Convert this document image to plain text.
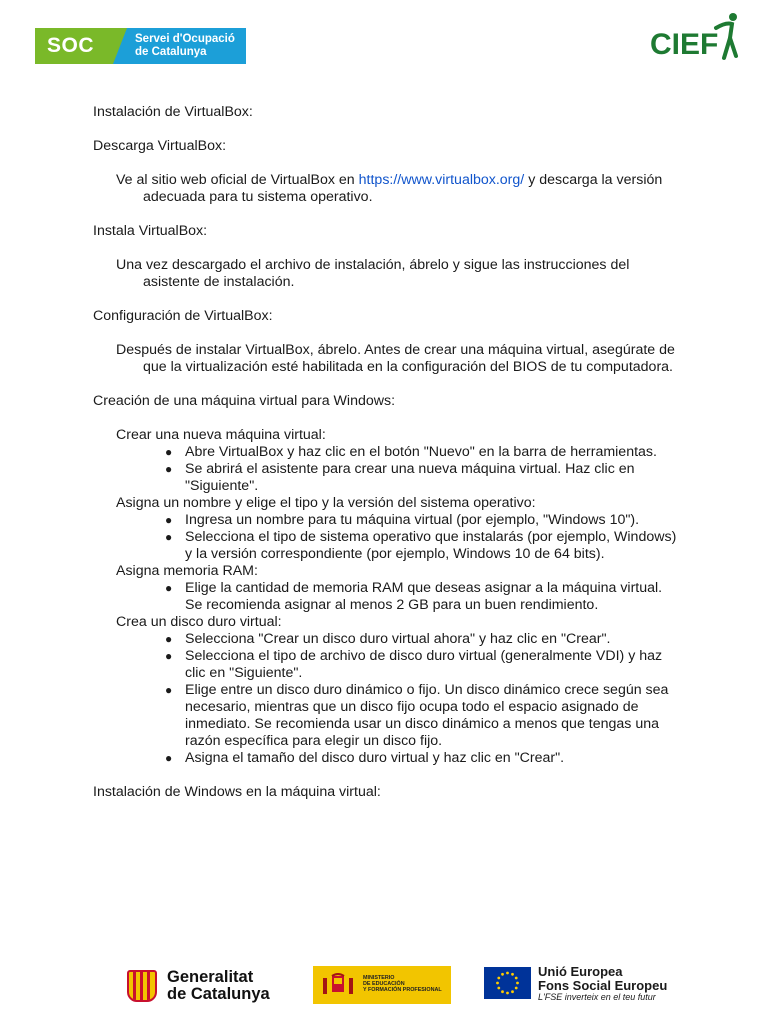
SOC	Servei d'Ocupació
de Catalunya	CIEF

Instalación de VirtualBox:

Descarga VirtualBox:

Ve al sitio web oficial de VirtualBox en https://www.virtualbox.org/ y descarga la versión adecuada para tu sistema operativo.

Instala VirtualBox:

Una vez descargado el archivo de instalación, ábrelo y sigue las instrucciones del asistente de instalación.

Configuración de VirtualBox:

Después de instalar VirtualBox, ábrelo. Antes de crear una máquina virtual, asegúrate de que la virtualización esté habilitada en la configuración del BIOS de tu computadora.

Creación de una máquina virtual para Windows:

Crear una nueva máquina virtual:

● Abre VirtualBox y haz clic en el botón "Nuevo" en la barra de herramientas.
● Se abrirá el asistente para crear una nueva máquina virtual. Haz clic en "Siguiente".

Asigna un nombre y elige el tipo y la versión del sistema operativo:

● Ingresa un nombre para tu máquina virtual (por ejemplo, "Windows 10").
● Selecciona el tipo de sistema operativo que instalarás (por ejemplo, Windows) y la versión correspondiente (por ejemplo, Windows 10 de 64 bits).

Asigna memoria RAM:

● Elige la cantidad de memoria RAM que deseas asignar a la máquina virtual. Se recomienda asignar al menos 2 GB para un buen rendimiento.

Crea un disco duro virtual:

● Selecciona "Crear un disco duro virtual ahora" y haz clic en "Crear".
● Selecciona el tipo de archivo de disco duro virtual (generalmente VDI) y haz clic en "Siguiente".
● Elige entre un disco duro dinámico o fijo. Un disco dinámico crece según sea necesario, mientras que un disco fijo ocupa todo el espacio asignado de inmediato. Se recomienda usar un disco dinámico a menos que tengas una razón específica para elegir un disco fijo.
● Asigna el tamaño del disco duro virtual y haz clic en "Crear".

Instalación de Windows en la máquina virtual:

Generalitat
de Catalunya
MINISTERIO
DE EDUCACIÓN
Y FORMACIÓN PROFESIONAL
Unió Europea
Fons Social Europeu
L'FSE inverteix en el teu futur
